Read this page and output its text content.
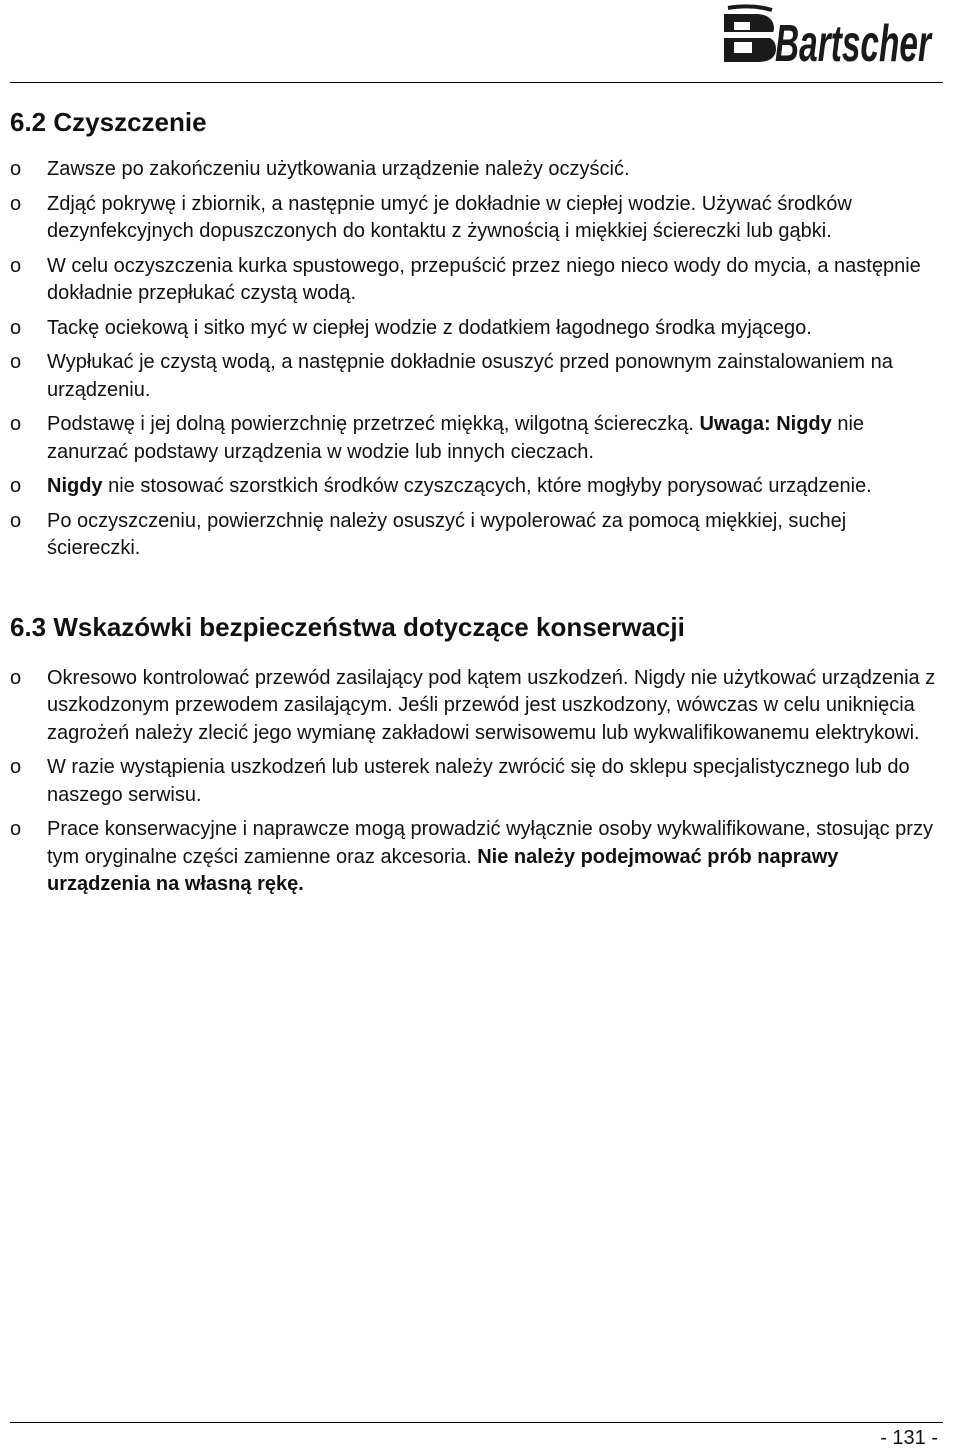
Bartscher
6.2 Czyszczenie
o Zawsze po zakończeniu użytkowania urządzenie należy oczyścić.
o Zdjąć pokrywę i zbiornik, a następnie umyć je dokładnie w ciepłej wodzie. Używać środków dezynfekcyjnych dopuszczonych do kontaktu z żywnością i miękkiej ściereczki lub gąbki.
o W celu oczyszczenia kurka spustowego, przepuścić przez niego nieco wody do mycia, a następnie dokładnie przepłukać czystą wodą.
o Tackę ociekową i sitko myć w ciepłej wodzie z dodatkiem łagodnego środka myjącego.
o Wypłukać je czystą wodą, a następnie dokładnie osuszyć przed ponownym zainstalowaniem na urządzeniu.
o Podstawę i jej dolną powierzchnię przetrzeć miękką, wilgotną ściereczką. Uwaga: Nigdy nie zanurzać podstawy urządzenia w wodzie lub innych cieczach.
o Nigdy nie stosować szorstkich środków czyszczących, które mogłyby porysować urządzenie.
o Po oczyszczeniu, powierzchnię należy osuszyć i wypolerować za pomocą miękkiej, suchej ściereczki.
6.3 Wskazówki bezpieczeństwa dotyczące konserwacji
o Okresowo kontrolować przewód zasilający pod kątem uszkodzeń. Nigdy nie użytkować urządzenia z uszkodzonym przewodem zasilającym. Jeśli przewód jest uszkodzony, wówczas w celu uniknięcia zagrożeń należy zlecić jego wymianę zakładowi serwisowemu lub wykwalifikowanemu elektrykowi.
o W razie wystąpienia uszkodzeń lub usterek należy zwrócić się do sklepu specjalistycznego lub do naszego serwisu.
o Prace konserwacyjne i naprawcze mogą prowadzić wyłącznie osoby wykwalifikowane, stosując przy tym oryginalne części zamienne oraz akcesoria. Nie należy podejmować prób naprawy urządzenia na własną rękę.
- 131 -
